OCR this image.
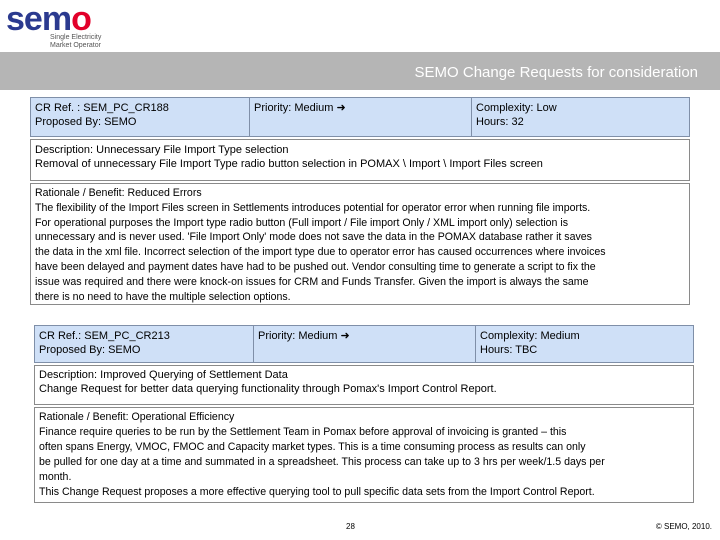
semo
Single Electricity
Market Operator
SEMO Change Requests for consideration
CR Ref. : SEM_PC_CR188
Proposed By: SEMO
Priority: Medium ➜	Complexity: Low
Hours: 32
Description: Unnecessary File Import Type selection
Removal of unnecessary File Import Type radio button selection in POMAX \ Import \ Import Files screen
Rationale / Benefit: Reduced Errors
The flexibility of the Import Files screen in Settlements introduces potential for operator error when running file imports.
For operational purposes the Import type radio button (Full import / File import Only / XML import only) selection is
unnecessary and is never used. 'File Import Only' mode does not save the data in the POMAX database rather it saves
the data in the xml file. Incorrect selection of the import type due to operator error has caused occurrences where invoices
have been delayed and payment dates have had to be pushed out. Vendor consulting time to generate a script to fix the
issue was required and there were knock-on issues for CRM and Funds Transfer. Given the import is always the same
there is no need to have the multiple selection options.
CR Ref.: SEM_PC_CR213
Proposed By: SEMO
Priority: Medium ➜	Complexity: Medium
Hours: TBC
Description: Improved Querying of Settlement Data
Change Request for better data querying functionality through Pomax's Import Control Report.
Rationale / Benefit: Operational Efficiency
Finance require queries to be run by the Settlement Team in Pomax before approval of invoicing is granted – this
often spans Energy, VMOC, FMOC and Capacity market types. This is a time consuming process as results can only
be pulled for one day at a time and summated in a spreadsheet. This process can take up to 3 hrs per week/1.5 days per
month.
This Change Request proposes a more effective querying tool to pull specific data sets from the Import Control Report.
28	© SEMO, 2010.
